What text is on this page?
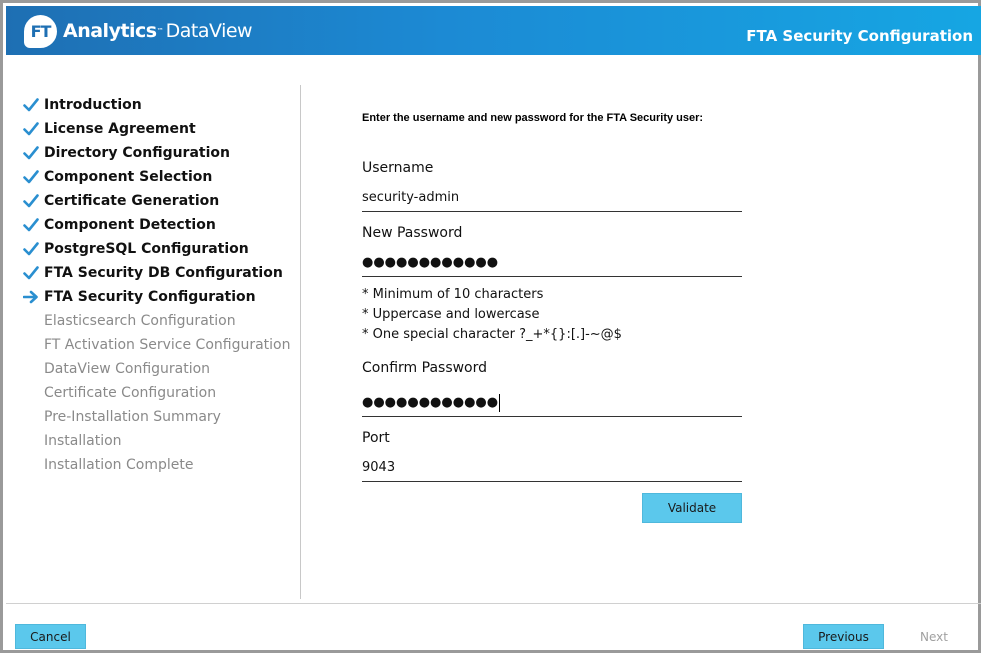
FT Analytics ™ DataView	FTA Security Configuration
Introduction
License Agreement
Directory Configuration
Component Selection
Certificate Generation
Component Detection
PostgreSQL Configuration
FTA Security DB Configuration
FTA Security Configuration
Elasticsearch Configuration
FT Activation Service Configuration
DataView Configuration
Certificate Configuration
Pre-Installation Summary
Installation
Installation Complete
Enter the username and new password for the FTA Security user:
Username
security-admin
New Password
●●●●●●●●●●●●
* Minimum of 10 characters
* Uppercase and lowercase
* One special character ?_+*{}:[.]-~@$
Confirm Password
●●●●●●●●●●●●
Port
9043
Validate
Cancel	Previous	Next
